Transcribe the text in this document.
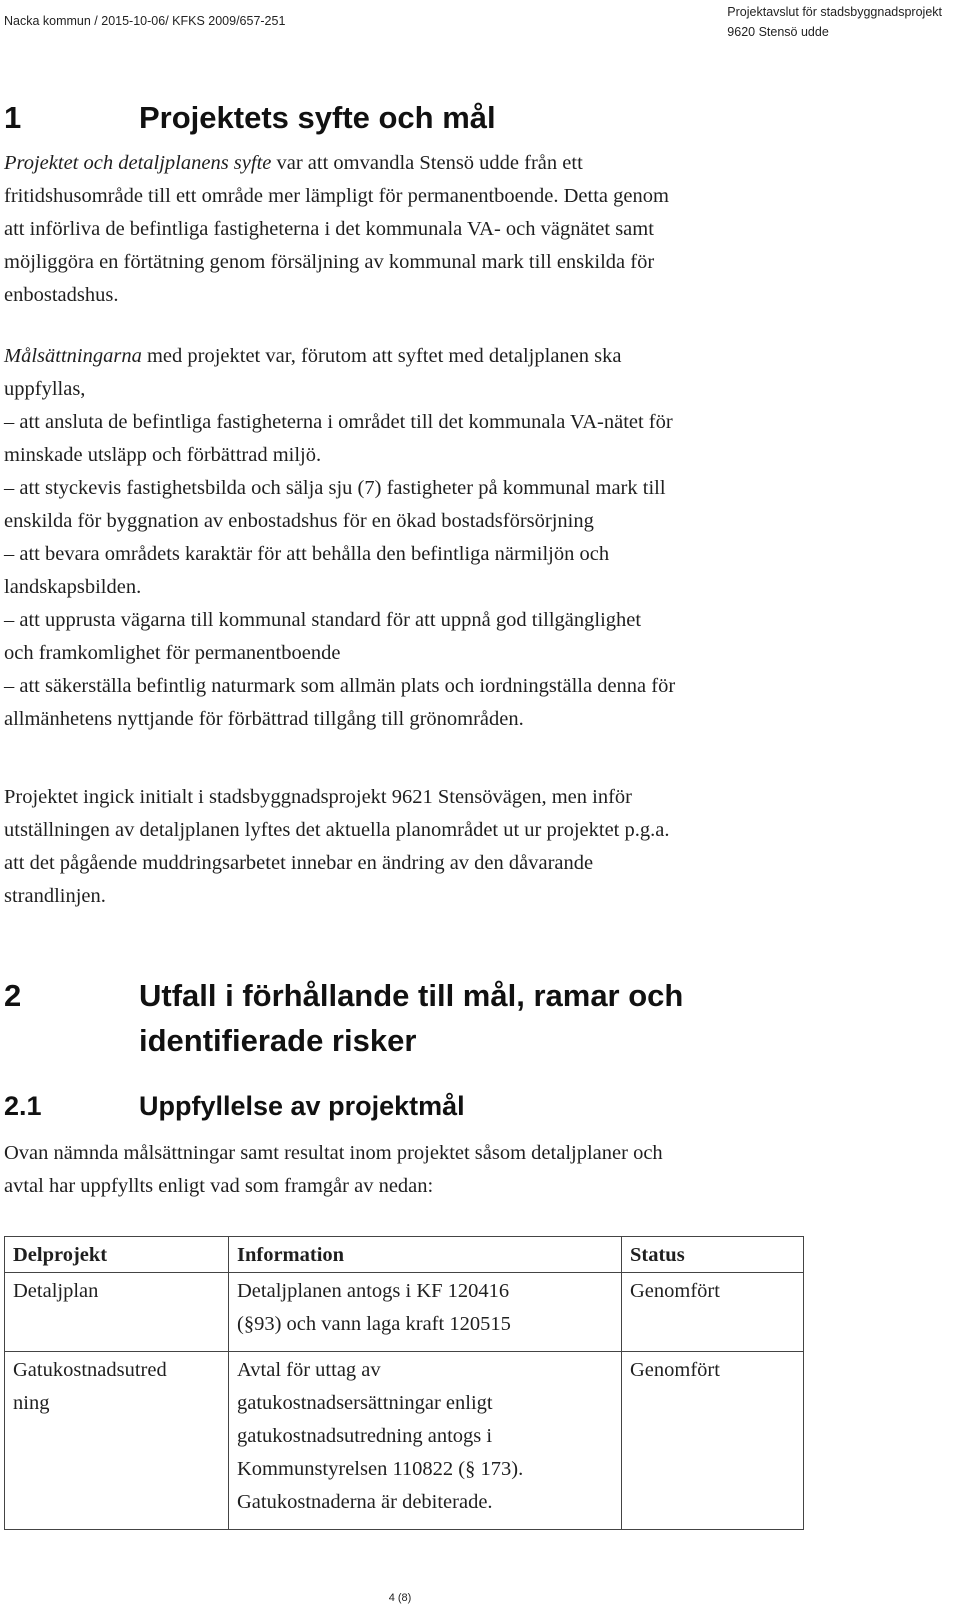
Nacka kommun / 2015-10-06/ KFKS 2009/657-251
Projektavslut för stadsbyggnadsprojekt
9620 Stensö udde
1	Projektets syfte och mål
Projektet och detaljplanens syfte var att omvandla Stensö udde från ett
fritidshusområde till ett område mer lämpligt för permanentboende. Detta genom
att införliva de befintliga fastigheterna i det kommunala VA- och vägnätet samt
möjliggöra en förtätning genom försäljning av kommunal mark till enskilda för
enbostadshus.
Målsättningarna med projektet var, förutom att syftet med detaljplanen ska
uppfyllas,
– att ansluta de befintliga fastigheterna i området till det kommunala VA-nätet för
minskade utsläpp och förbättrad miljö.
– att styckevis fastighetsbilda och sälja sju (7) fastigheter på kommunal mark till
enskilda för byggnation av enbostadshus för en ökad bostadsförsörjning
– att bevara områdets karaktär för att behålla den befintliga närmiljön och
landskapsbilden.
– att upprusta vägarna till kommunal standard för att uppnå god tillgänglighet
och framkomlighet för permanentboende
– att säkerställa befintlig naturmark som allmän plats och iordningställa denna för
allmänhetens nyttjande för förbättrad tillgång till grönområden.
Projektet ingick initialt i stadsbyggnadsprojekt 9621 Stensövägen, men inför
utställningen av detaljplanen lyftes det aktuella planområdet ut ur projektet p.g.a.
att det pågående muddringsarbetet innebar en ändring av den dåvarande
strandlinjen.
2	Utfall i förhållande till mål, ramar och
identifierade risker
2.1	Uppfyllelse av projektmål
Ovan nämnda målsättningar samt resultat inom projektet såsom detaljplaner och
avtal har uppfyllts enligt vad som framgår av nedan:
Delprojekt	Information	Status

Detaljplan	Detaljplanen antogs i KF 120416
(§93) och vann laga kraft 120515	Genomfört

Gatukostnadsutred
ning	Avtal för uttag av
gatukostnadsersättningar enligt
gatukostnadsutredning antogs i
Kommunstyrelsen 110822 (§ 173).
Gatukostnaderna är debiterade.	Genomfört
4 (8)
